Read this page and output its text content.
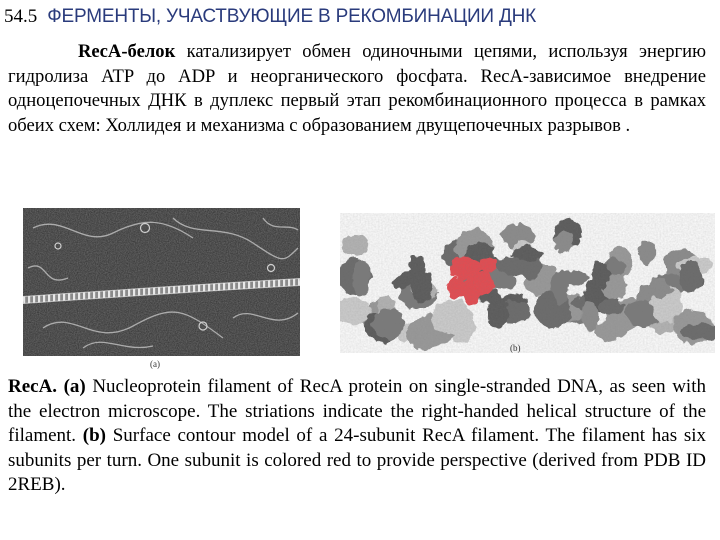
54.5 ФЕРМЕНТЫ, УЧАСТВУЮЩИЕ В РЕКОМБИНАЦИИ ДНК

RecA-белок катализирует обмен одиночными цепями, используя энергию гидролиза ATP до ADP и неорганического фосфата. RecA-зависимое внедрение одноцепочечных ДНК в дуплекс первый этап рекомбинационного процесса в рамках обеих схем: Холлидея и механизма с образованием двущепочечных разрывов .

(a)
(b)

RecA. (a) Nucleoprotein filament of RecA protein on single-stranded DNA, as seen with the electron microscope. The striations indicate the right-handed helical structure of the filament. (b) Surface contour model of a 24-subunit RecA filament. The filament has six subunits per turn. One subunit is colored red to provide perspective (derived from PDB ID 2REB).
